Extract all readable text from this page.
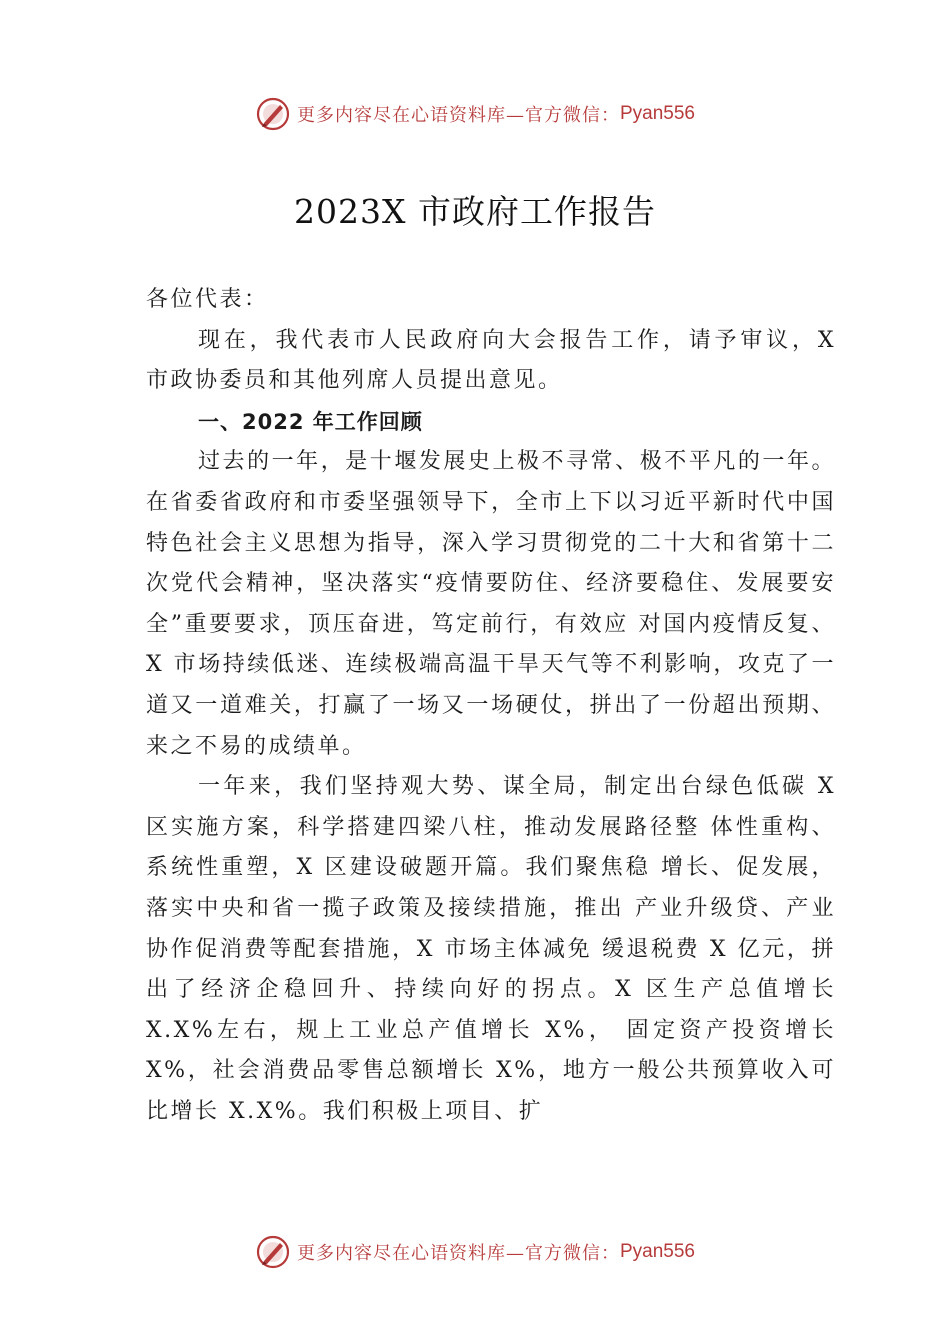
更多内容尽在心语资料库—官方微信： Pyan556
2023X 市政府工作报告

各位代表：

现在，我代表市人民政府向大会报告工作，请予审议，X 市政协委员和其他列席人员提出意见。

一、2022 年工作回顾

过去的一年，是十堰发展史上极不寻常、极不平凡的一年。在省委省政府和市委坚强领导下，全市上下以习近平新时代中国特色社会主义思想为指导，深入学习贯彻党的二十大和省第十二次党代会精神，坚决落实“疫情要防住、经济要稳住、发展要安全”重要要求，顶压奋进，笃定前行，有效应 对国内疫情反复、X 市场持续低迷、连续极端高温干旱天气等不利影响，攻克了一道又一道难关，打赢了一场又一场硬仗，拼出了一份超出预期、来之不易的成绩单。

一年来，我们坚持观大势、谋全局，制定出台绿色低碳 X 区实施方案，科学搭建四梁八柱，推动发展路径整 体性重构、系统性重塑，X 区建设破题开篇。我们聚焦稳 增长、促发展，落实中央和省一揽子政策及接续措施，推出 产业升级贷、产业协作促消费等配套措施，X 市场主体减免 缓退税费 X 亿元，拼出了经济企稳回升、持续向好的拐点。X 区生产总值增长 X.X%左右，规上工业总产值增长 X%， 固定资产投资增长 X%，社会消费品零售总额增长 X%，地方一般公共预算收入可比增长 X.X%。我们积极上项目、扩

更多内容尽在心语资料库—官方微信： Pyan556
